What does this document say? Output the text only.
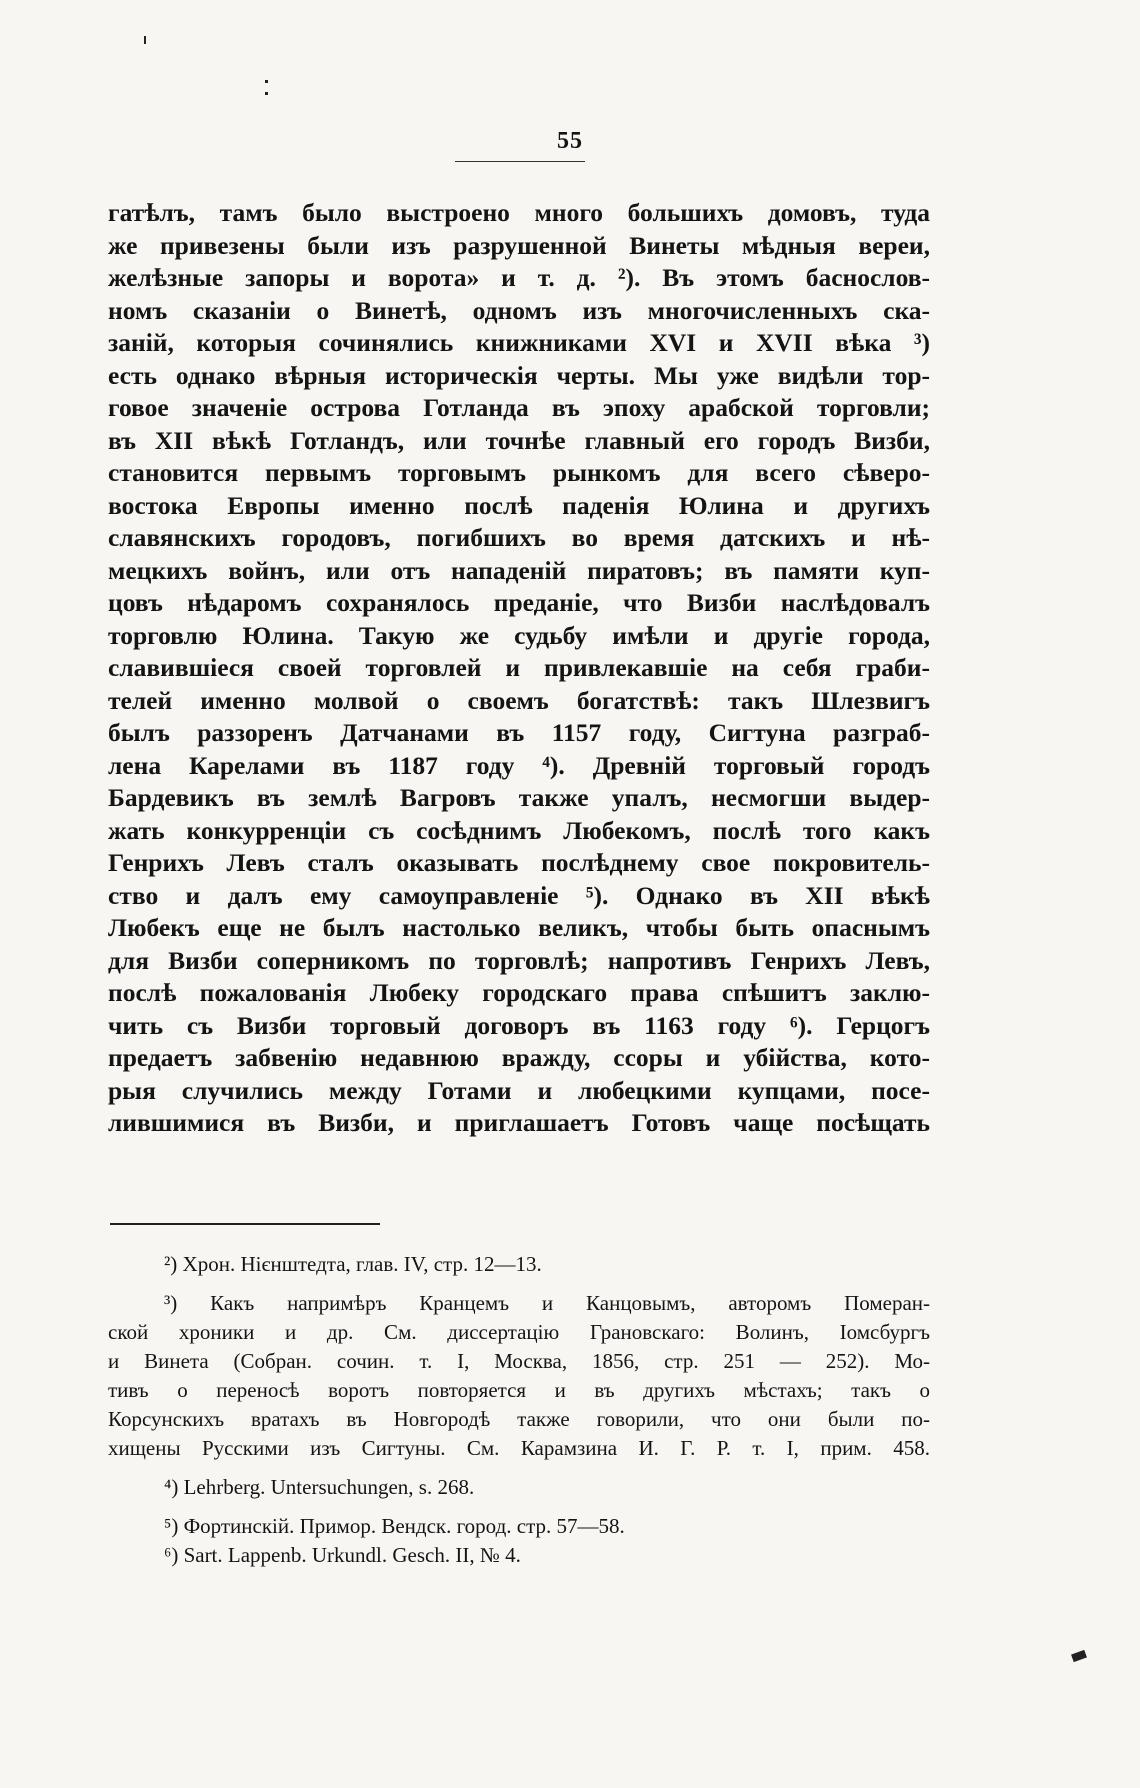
55
гатѣлъ, тамъ было выстроено много большихъ домовъ, туда
же привезены были изъ разрушенной Винеты мѣдныя вереи,
желѣзные запоры и ворота» и т. д. ²). Въ этомъ баснослов-
номъ сказаніи о Винетѣ, одномъ изъ многочисленныхъ ска-
заній, которыя сочинялись книжниками XVI и XVII вѣка ³)
есть однако вѣрныя историческія черты. Мы уже видѣли тор-
говое значеніе острова Готланда въ эпоху арабской торговли;
въ XII вѣкѣ Готландъ, или точнѣе главный его городъ Визби,
становится первымъ торговымъ рынкомъ для всего сѣверо-
востока Европы именно послѣ паденія Юлина и другихъ
славянскихъ городовъ, погибшихъ во время датскихъ и нѣ-
мецкихъ войнъ, или отъ нападеній пиратовъ; въ памяти куп-
цовъ нѣдаромъ сохранялось преданіе, что Визби наслѣдовалъ
торговлю Юлина. Такую же судьбу имѣли и другіе города,
славившіеся своей торговлей и привлекавшіе на себя граби-
телей именно молвой о своемъ богатствѣ: такъ Шлезвигъ
былъ раззоренъ Датчанами въ 1157 году, Сигтуна разграб-
лена Карелами въ 1187 году ⁴). Древній торговый городъ
Бардевикъ въ землѣ Вагровъ также упалъ, несмогши выдер-
жать конкурренціи съ сосѣднимъ Любекомъ, послѣ того какъ
Генрихъ Левъ сталъ оказывать послѣднему свое покровитель-
ство и далъ ему самоуправленіе ⁵). Однако въ XII вѣкѣ
Любекъ еще не былъ настолько великъ, чтобы быть опаснымъ
для Визби соперникомъ по торговлѣ; напротивъ Генрихъ Левъ,
послѣ пожалованія Любеку городскаго права спѣшитъ заклю-
чить съ Визби торговый договоръ въ 1163 году ⁶). Герцогъ
предаетъ забвенію недавнюю вражду, ссоры и убійства, кото-
рыя случились между Готами и любецкими купцами, посе-
лившимися въ Визби, и приглашаетъ Готовъ чаще посѣщать
²) Хрон. Нієнштедта, глав. IV, стр. 12—13.
³) Какъ напримѣръ Кранцемъ и Канцовымъ, авторомъ Померан-
ской хроники и др. См. диссертацію Грановскаго: Волинъ, Іомсбургъ
и Винета (Собран. сочин. т. I, Москва, 1856, стр. 251 — 252). Мо-
тивъ о переносѣ воротъ повторяется и въ другихъ мѣстахъ; такъ о
Корсунскихъ вратахъ въ Новгородѣ также говорили, что они были по-
хищены Русскими изъ Сигтуны. См. Карамзина И. Г. Р. т. I, прим. 458.
⁴) Lehrberg. Untersuchungen, s. 268.
⁵) Фортинскій. Примор. Вендск. город. стр. 57—58.
⁶) Sart. Lappenb. Urkundl. Gesch. II, № 4.
